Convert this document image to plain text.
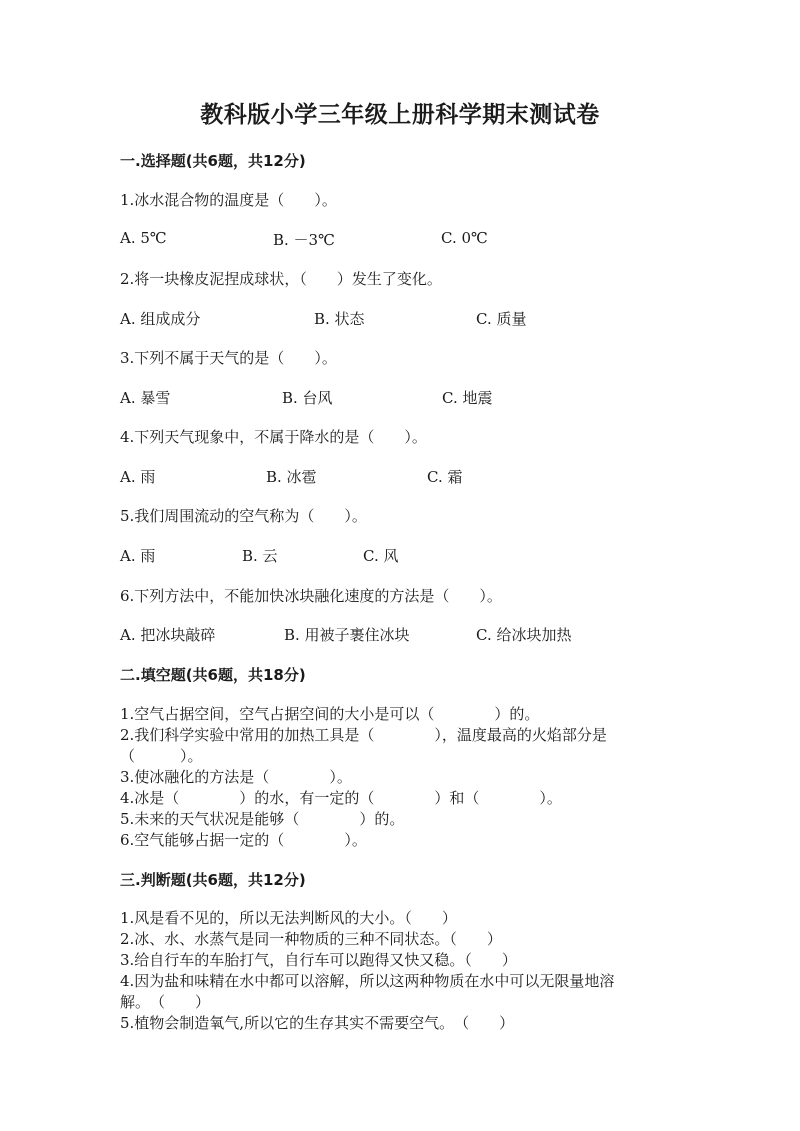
教科版小学三年级上册科学期末测试卷
一.选择题(共6题，共12分)
1.冰水混合物的温度是（　　）。
A. 5℃	B. －3℃	C. 0℃
2.将一块橡皮泥捏成球状，（　　）发生了变化。
A. 组成成分	B. 状态	C. 质量
3.下列不属于天气的是（　　）。
A. 暴雪	B. 台风	C. 地震
4.下列天气现象中，不属于降水的是（　　）。
A. 雨	B. 冰雹	C. 霜
5.我们周围流动的空气称为（　　）。
A. 雨	B. 云	C. 风
6.下列方法中，不能加快冰块融化速度的方法是（　　）。
A. 把冰块敲碎	B. 用被子裹住冰块	C. 给冰块加热
二.填空题(共6题，共18分)
1.空气占据空间，空气占据空间的大小是可以（　　　　）的。
2.我们科学实验中常用的加热工具是（　　　　），温度最高的火焰部分是
（　　　）。
3.使冰融化的方法是（　　　　）。
4.冰是（　　　　）的水，有一定的（　　　　）和（　　　　）。
5.未来的天气状况是能够（　　　　）的。
6.空气能够占据一定的（　　　　）。
三.判断题(共6题，共12分)
1.风是看不见的，所以无法判断风的大小。（　　）
2.冰、水、水蒸气是同一种物质的三种不同状态。（　　）
3.给自行车的车胎打气，自行车可以跑得又快又稳。（　　）
4.因为盐和味精在水中都可以溶解，所以这两种物质在水中可以无限量地溶
解。　（　　）
5.植物会制造氧气,所以它的生存其实不需要空气。　（　　）
